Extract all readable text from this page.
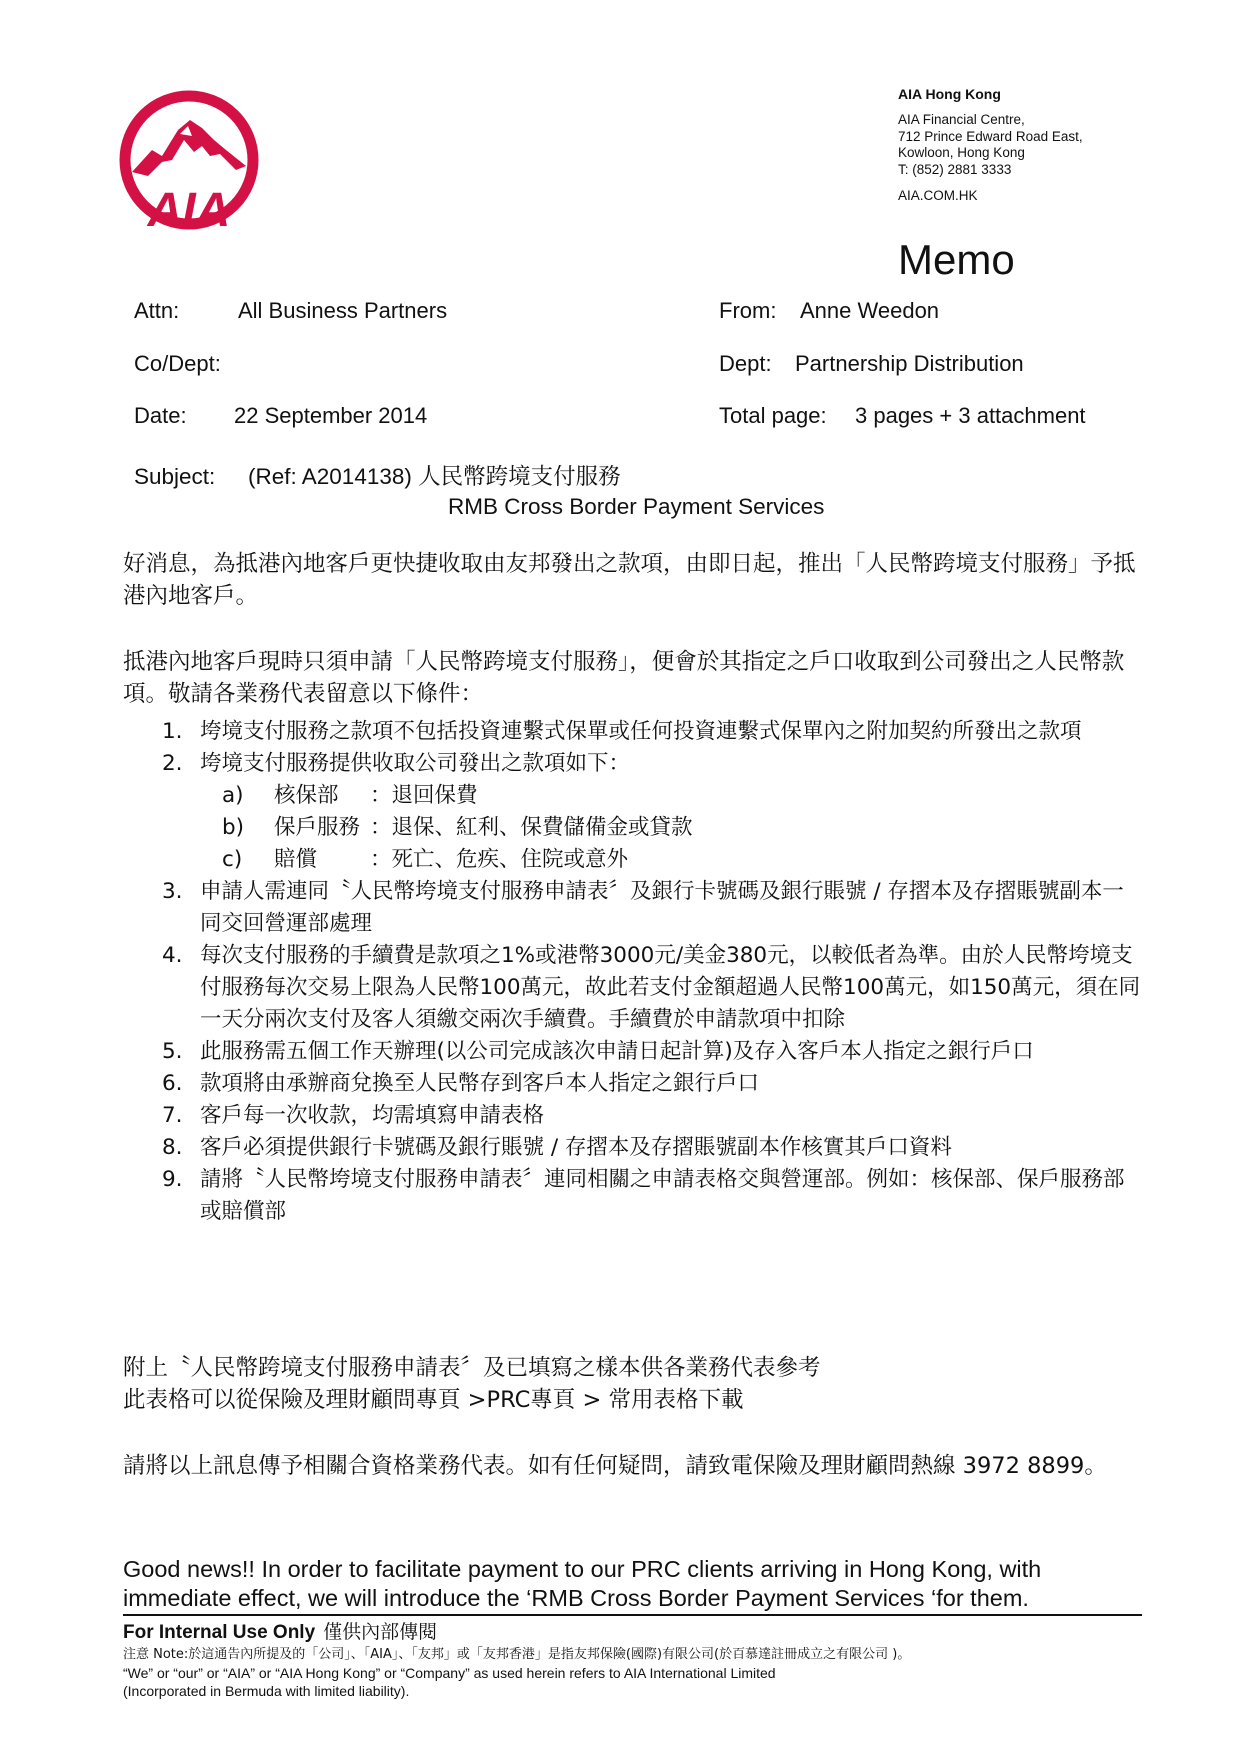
AIA
AIA Hong Kong
AIA Financial Centre,
712 Prince Edward Road East,
Kowloon, Hong Kong
T: (852) 2881 3333
AIA.COM.HK
Memo
Attn:	All Business Partners
Co/Dept:
Date: 22 September 2014
From: Anne Weedon
Dept: Partnership Distribution
Total page: 3 pages + 3 attachment
Subject: (Ref: A2014138) 人民幣跨境支付服務
RMB Cross Border Payment Services
好消息，為抵港內地客戶更快捷收取由友邦發出之款項，由即日起，推出「人民幣跨境支付服務」予抵港內地客戶。
抵港內地客戶現時只須申請「人民幣跨境支付服務」，便會於其指定之戶口收取到公司發出之人民幣款項。敬請各業務代表留意以下條件：
1. 垮境支付服務之款項不包括投資連繫式保單或任何投資連繫式保單內之附加契約所發出之款項
2. 垮境支付服務提供收取公司發出之款項如下：
a) 核保部 ：退回保費
b) 保戶服務 ：退保、紅利、保費儲備金或貸款
c) 賠償 ：死亡、危疾、住院或意外
3. 申請人需連同〝人民幣垮境支付服務申請表〞及銀行卡號碼及銀行賬號 / 存摺本及存摺賬號副本一同交回營運部處理
4. 每次支付服務的手續費是款項之1%或港幣3000元/美金380元，以較低者為準。由於人民幣垮境支付服務每次交易上限為人民幣100萬元，故此若支付金額超過人民幣100萬元，如150萬元，須在同一天分兩次支付及客人須繳交兩次手續費。手續費於申請款項中扣除
5. 此服務需五個工作天辦理(以公司完成該次申請日起計算)及存入客戶本人指定之銀行戶口
6. 款項將由承辦商兌換至人民幣存到客戶本人指定之銀行戶口
7. 客戶每一次收款，均需填寫申請表格
8. 客戶必須提供銀行卡號碼及銀行賬號 / 存摺本及存摺賬號副本作核實其戶口資料
9. 請將〝人民幣垮境支付服務申請表〞連同相關之申請表格交與營運部。例如：核保部、保戶服務部或賠償部
附上〝人民幣跨境支付服務申請表〞及已填寫之樣本供各業務代表參考
此表格可以從保險及理財顧問專頁 >PRC專頁 > 常用表格下載
請將以上訊息傳予相關合資格業務代表。如有任何疑問，請致電保險及理財顧問熱線 3972 8899。
Good news!! In order to facilitate payment to our PRC clients arriving in Hong Kong, with immediate effect, we will introduce the ‘RMB Cross Border Payment Services ‘for them.
For Internal Use Only 僅供內部傳閱
注意 Note:於這通告內所提及的「公司」、「AIA」、「友邦」或「友邦香港」是指友邦保險(國際)有限公司(於百慕達註冊成立之有限公司 )。
“We” or “our” or “AIA” or “AIA Hong Kong” or “Company” as used herein refers to AIA International Limited
(Incorporated in Bermuda with limited liability).
